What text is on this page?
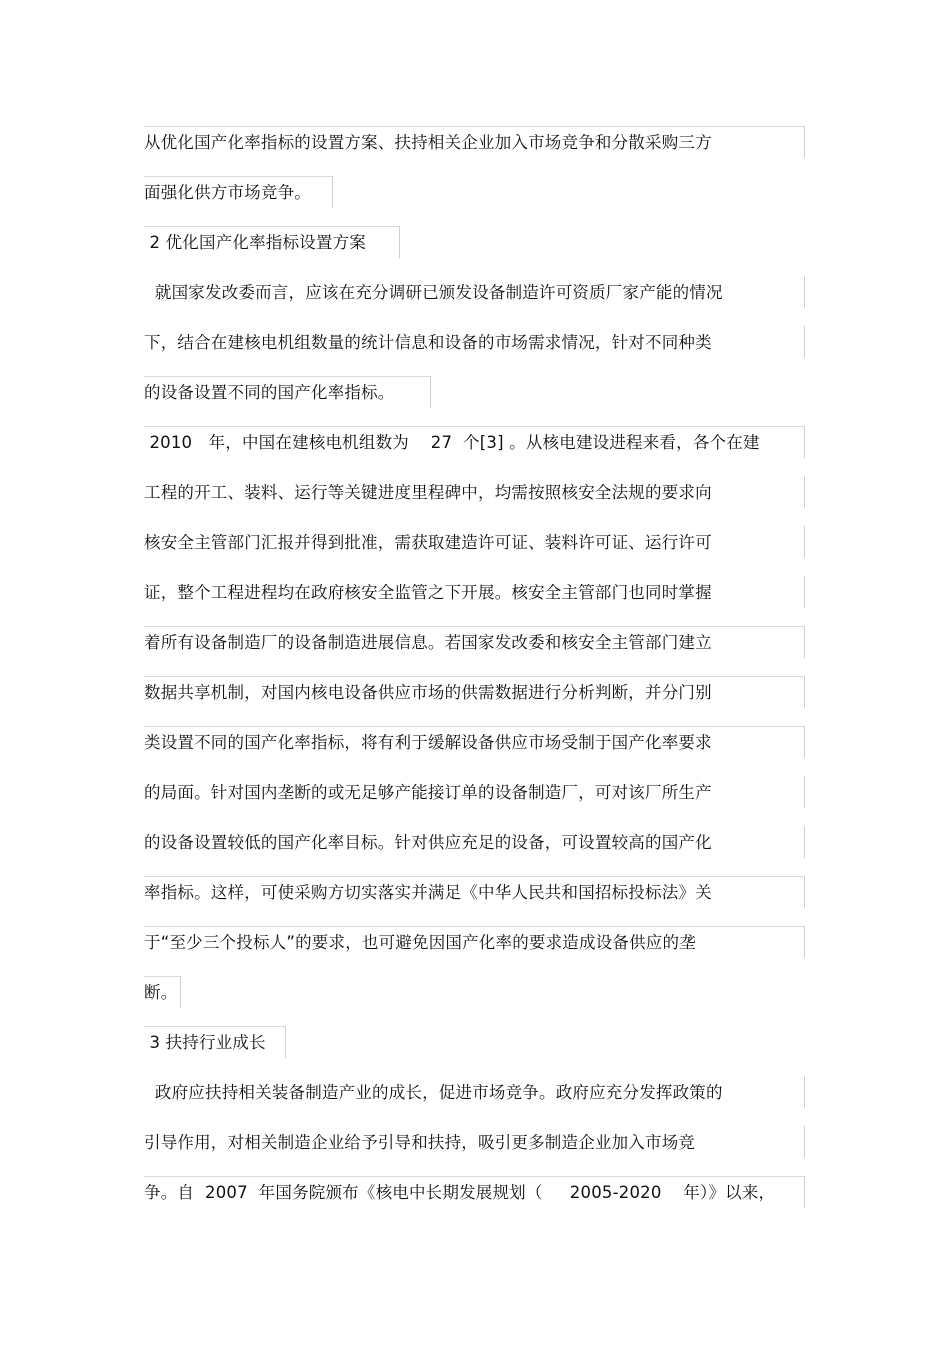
从优化国产化率指标的设置方案、扶持相关企业加入市场竞争和分散采购三方
面强化供方市场竞争。
2 优化国产化率指标设置方案
就国家发改委而言，应该在充分调研已颁发设备制造许可资质厂家产能的情况
下，结合在建核电机组数量的统计信息和设备的市场需求情况，针对不同种类
的设备设置不同的国产化率指标。
2010   年，中国在建核电机组数为    27  个[3] 。从核电建设进程来看，各个在建
工程的开工、装料、运行等关键进度里程碑中，均需按照核安全法规的要求向
核安全主管部门汇报并得到批准，需获取建造许可证、装料许可证、运行许可
证，整个工程进程均在政府核安全监管之下开展。核安全主管部门也同时掌握
着所有设备制造厂的设备制造进展信息。若国家发改委和核安全主管部门建立
数据共享机制，对国内核电设备供应市场的供需数据进行分析判断，并分门别
类设置不同的国产化率指标，将有利于缓解设备供应市场受制于国产化率要求
的局面。针对国内垄断的或无足够产能接订单的设备制造厂，可对该厂所生产
的设备设置较低的国产化率目标。针对供应充足的设备，可设置较高的国产化
率指标。这样，可使采购方切实落实并满足《中华人民共和国招标投标法》关
于“至少三个投标人”的要求，也可避免因国产化率的要求造成设备供应的垄
断。
3 扶持行业成长
政府应扶持相关装备制造产业的成长，促进市场竞争。政府应充分发挥政策的
引导作用，对相关制造企业给予引导和扶持，吸引更多制造企业加入市场竞
争。自  2007  年国务院颁布《核电中长期发展规划（     2005-2020    年）》以来，
